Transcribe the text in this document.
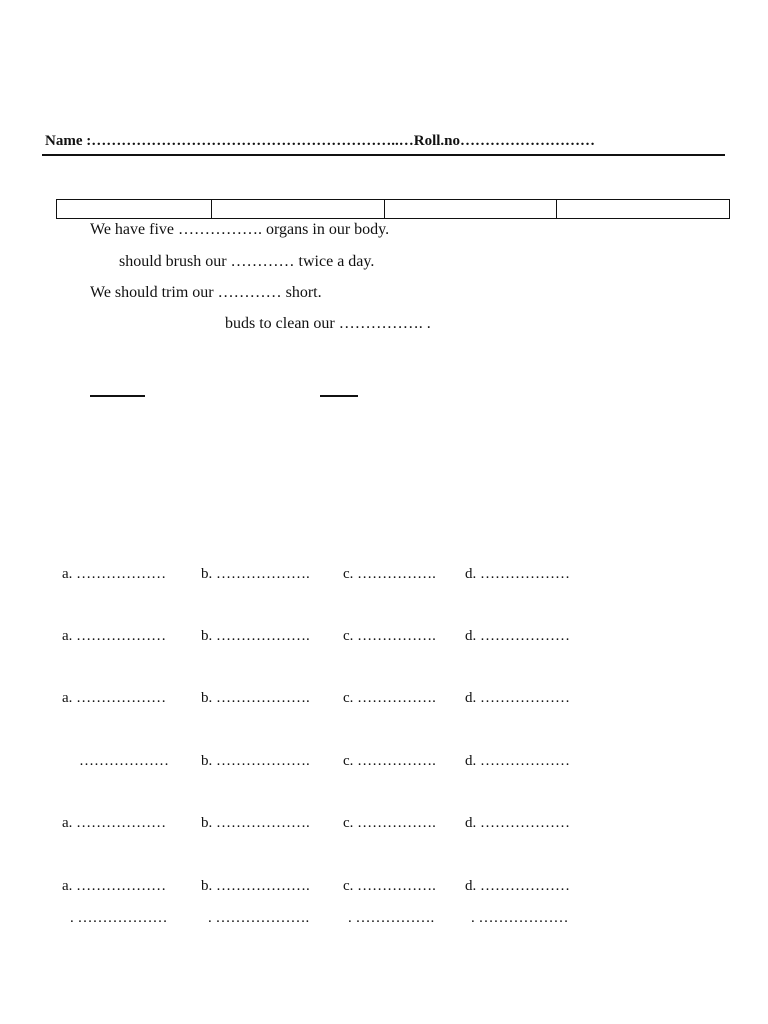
Name :……………………………………………………..…Roll.no………………………
We have five ……………. organs in our body.
should brush our ………… twice a day.
We should trim our ………… short.
buds to clean our ……………. .
a. ……………… b. ………………. c. ……………. d. ………………
a. ……………… b. ………………. c. ……………. d. ………………
a. ……………… b. ………………. c. ……………. d. ………………
……………… b. ………………. c. ……………. d. ………………
a. ……………… b. ………………. c. ……………. d. ………………
a. ……………… b. ………………. c. ……………. d. ………………
. ………………	. ……………….	. ……………. . ………………
